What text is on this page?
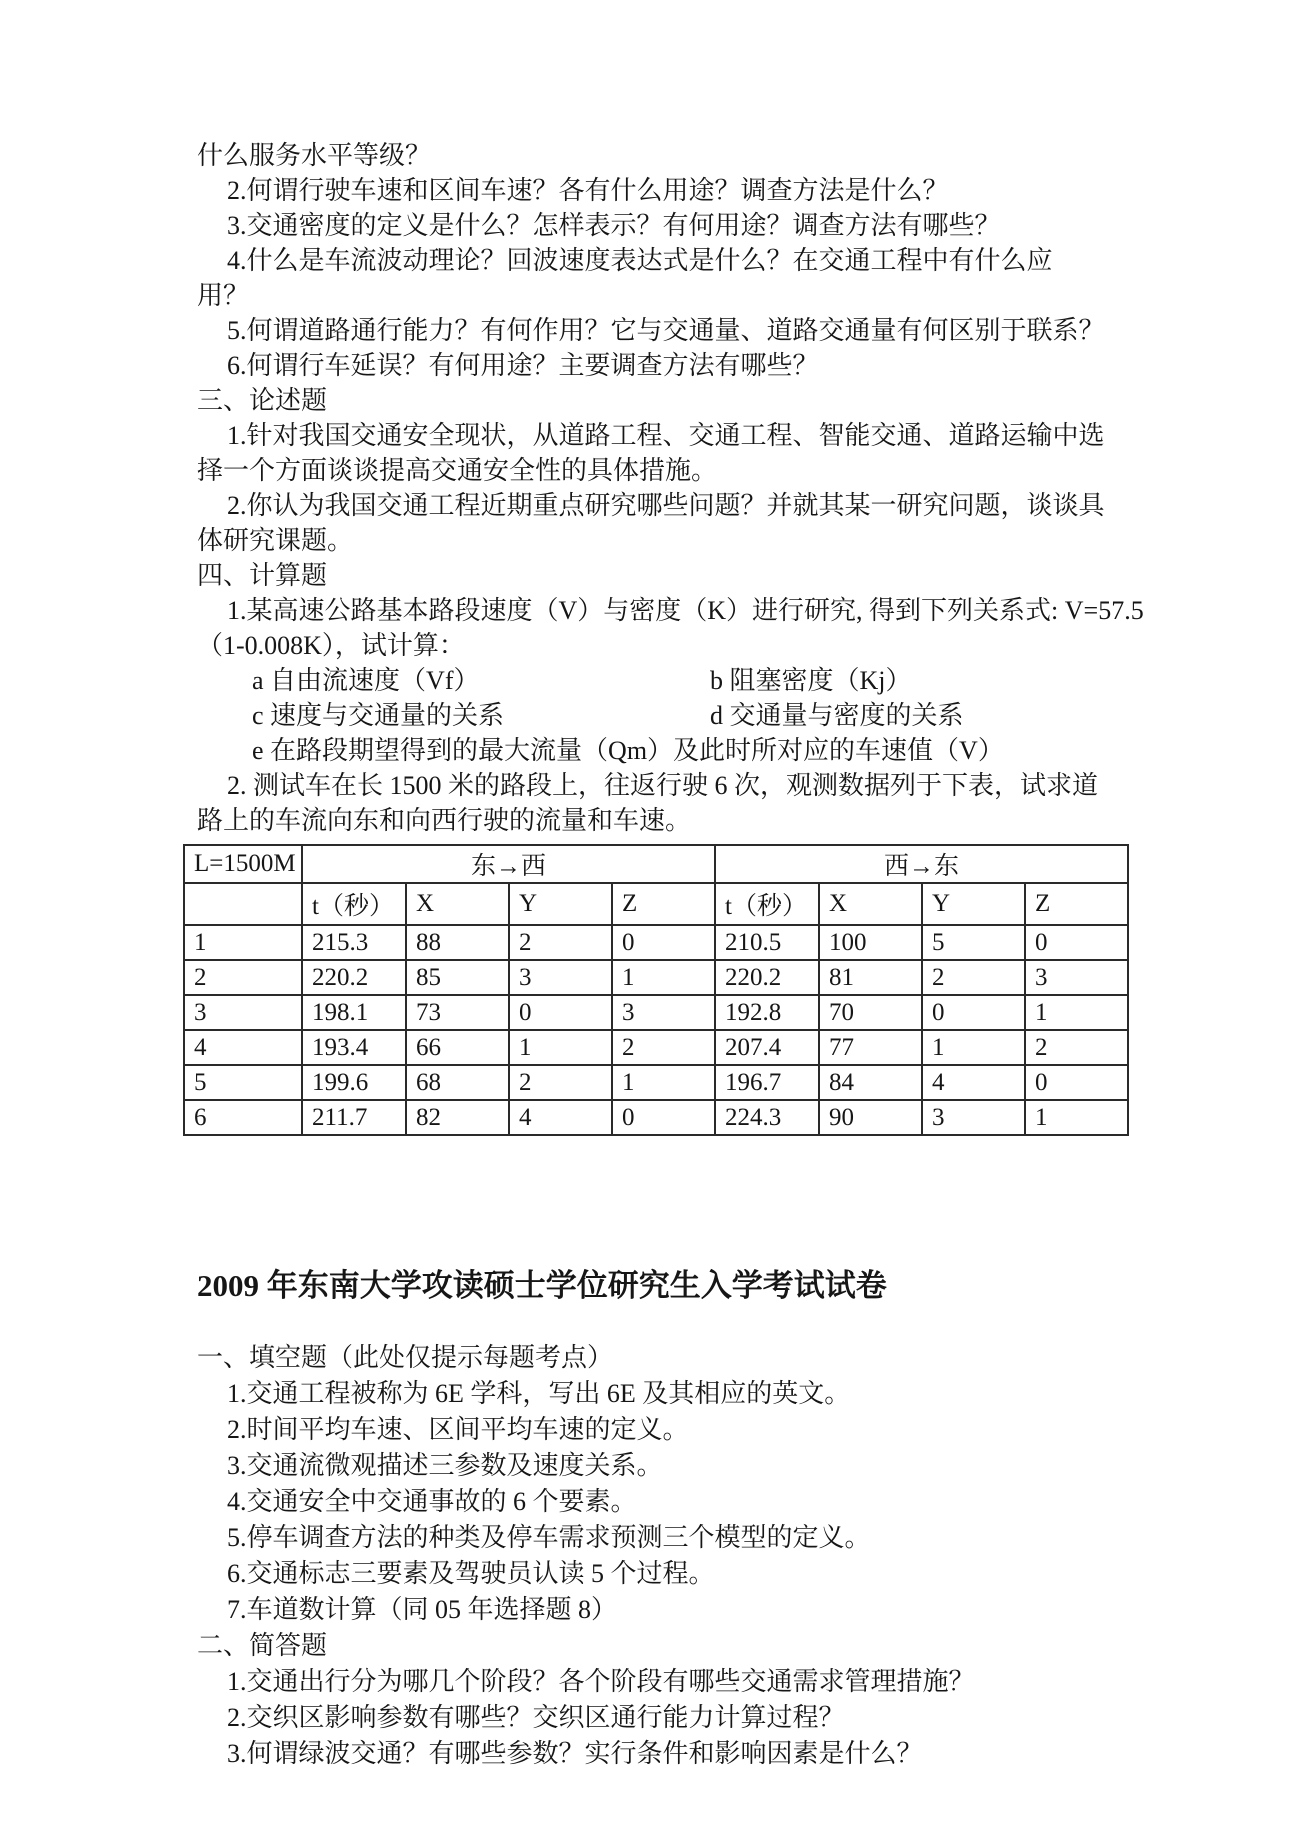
什么服务水平等级？
2.何谓行驶车速和区间车速？各有什么用途？调查方法是什么？
3.交通密度的定义是什么？怎样表示？有何用途？调查方法有哪些？
4.什么是车流波动理论？回波速度表达式是什么？在交通工程中有什么应
用？
5.何谓道路通行能力？有何作用？它与交通量、道路交通量有何区别于联系？
6.何谓行车延误？有何用途？主要调查方法有哪些？
三、论述题
1.针对我国交通安全现状，从道路工程、交通工程、智能交通、道路运输中选
择一个方面谈谈提高交通安全性的具体措施。
2.你认为我国交通工程近期重点研究哪些问题？并就其某一研究问题，谈谈具
体研究课题。
四、计算题
1.某高速公路基本路段速度（V）与密度（K）进行研究, 得到下列关系式: V=57.5
（1-0.008K），试计算：
a 自由流速度（Vf）	b 阻塞密度（Kj）
c 速度与交通量的关系	d 交通量与密度的关系
e 在路段期望得到的最大流量（Qm）及此时所对应的车速值（V）
2. 测试车在长 1500 米的路段上，往返行驶 6 次，观测数据列于下表，试求道
路上的车流向东和向西行驶的流量和车速。
L=1500M	东→西				西→东			
	t（秒）	X	Y	Z	t（秒）	X	Y	Z
1	215.3	88	2	0	210.5	100	5	0
2	220.2	85	3	1	220.2	81	2	3
3	198.1	73	0	3	192.8	70	0	1
4	193.4	66	1	2	207.4	77	1	2
5	199.6	68	2	1	196.7	84	4	0
6	211.7	82	4	0	224.3	90	3	1
2009 年东南大学攻读硕士学位研究生入学考试试卷
一、填空题（此处仅提示每题考点）
1.交通工程被称为 6E 学科，写出 6E 及其相应的英文。
2.时间平均车速、区间平均车速的定义。
3.交通流微观描述三参数及速度关系。
4.交通安全中交通事故的 6 个要素。
5.停车调查方法的种类及停车需求预测三个模型的定义。
6.交通标志三要素及驾驶员认读 5 个过程。
7.车道数计算（同 05 年选择题 8）
二、简答题
1.交通出行分为哪几个阶段？各个阶段有哪些交通需求管理措施？
2.交织区影响参数有哪些？交织区通行能力计算过程？
3.何谓绿波交通？有哪些参数？实行条件和影响因素是什么？
